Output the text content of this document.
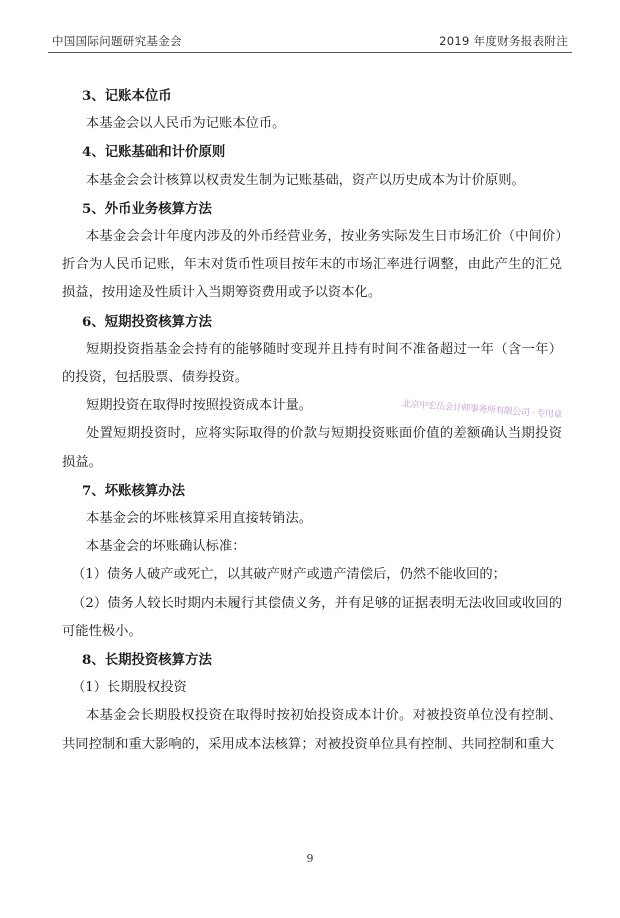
中国国际问题研究基金会	2019 年度财务报表附注
3、记账本位币
本基金会以人民币为记账本位币。
4、记账基础和计价原则
本基金会会计核算以权责发生制为记账基础，资产以历史成本为计价原则。
5、外币业务核算方法
本基金会会计年度内涉及的外币经营业务，按业务实际发生日市场汇价（中间价）折合为人民币记账，年末对货币性项目按年末的市场汇率进行调整，由此产生的汇兑损益，按用途及性质计入当期筹资费用或予以资本化。
6、短期投资核算方法
短期投资指基金会持有的能够随时变现并且持有时间不准备超过一年（含一年）的投资，包括股票、债券投资。
短期投资在取得时按照投资成本计量。
处置短期投资时，应将实际取得的价款与短期投资账面价值的差额确认当期投资损益。
7、坏账核算办法
本基金会的坏账核算采用直接转销法。
本基金会的坏账确认标准：
（1）债务人破产或死亡，以其破产财产或遗产清偿后，仍然不能收回的；
（2）债务人较长时期内未履行其偿债义务，并有足够的证据表明无法收回或收回的可能性极小。
8、长期投资核算方法
（1）长期股权投资
本基金会长期股权投资在取得时按初始投资成本计价。对被投资单位没有控制、共同控制和重大影响的，采用成本法核算；对被投资单位具有控制、共同控制和重大
北京中宏岳会计师事务所有限公司 · 专用章
9
